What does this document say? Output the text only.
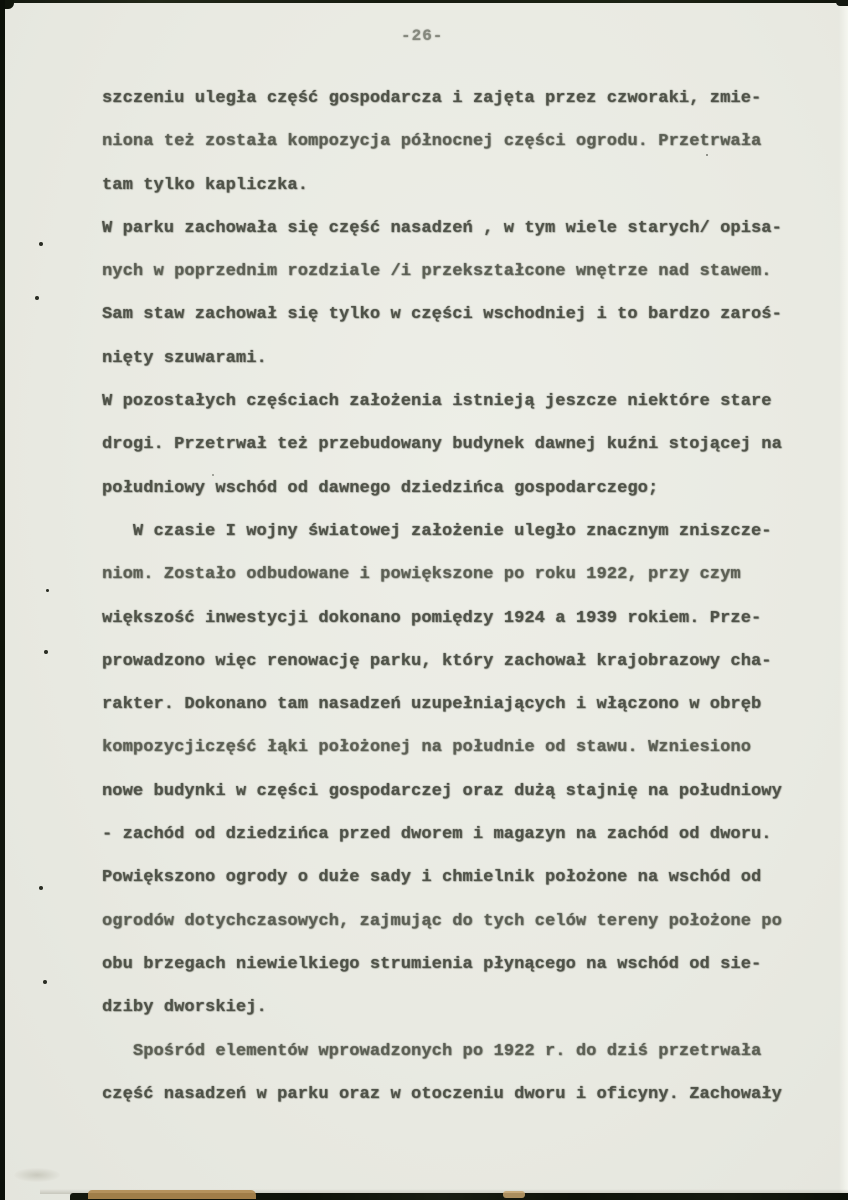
-26-
szczeniu uległa część gospodarcza i zajęta przez czworaki, zmie-
niona też została kompozycja północnej części ogrodu. Przetrwała
tam tylko kapliczka.
W parku zachowała się część nasadzeń , w tym wiele starych/ opisa-
nych w poprzednim rozdziale /i przekształcone wnętrze nad stawem.
Sam staw zachował się tylko w części wschodniej i to bardzo zaroś-
nięty szuwarami.
W pozostałych częściach założenia istnieją jeszcze niektóre stare
drogi. Przetrwał też przebudowany budynek dawnej kuźni stojącej na
południowy wschód od dawnego dziedzińca gospodarczego;
W czasie I wojny światowej założenie uległo znacznym zniszcze-
niom. Zostało odbudowane i powiększone po roku 1922, przy czym
większość inwestycji dokonano pomiędzy 1924 a 1939 rokiem. Prze-
prowadzono więc renowację parku, który zachował krajobrazowy cha-
rakter. Dokonano tam nasadzeń uzupełniających i włączono w obręb
kompozycjiczęść łąki położonej na południe od stawu. Wzniesiono
nowe budynki w części gospodarczej oraz dużą stajnię na południowy
- zachód od dziedzińca przed dworem i magazyn na zachód od dworu.
Powiększono ogrody o duże sady i chmielnik położone na wschód od
ogrodów dotychczasowych, zajmując do tych celów tereny położone po
obu brzegach niewielkiego strumienia płynącego na wschód od sie-
dziby dworskiej.
Spośród elementów wprowadzonych po 1922 r. do dziś przetrwała
część nasadzeń w parku oraz w otoczeniu dworu i oficyny. Zachowały
